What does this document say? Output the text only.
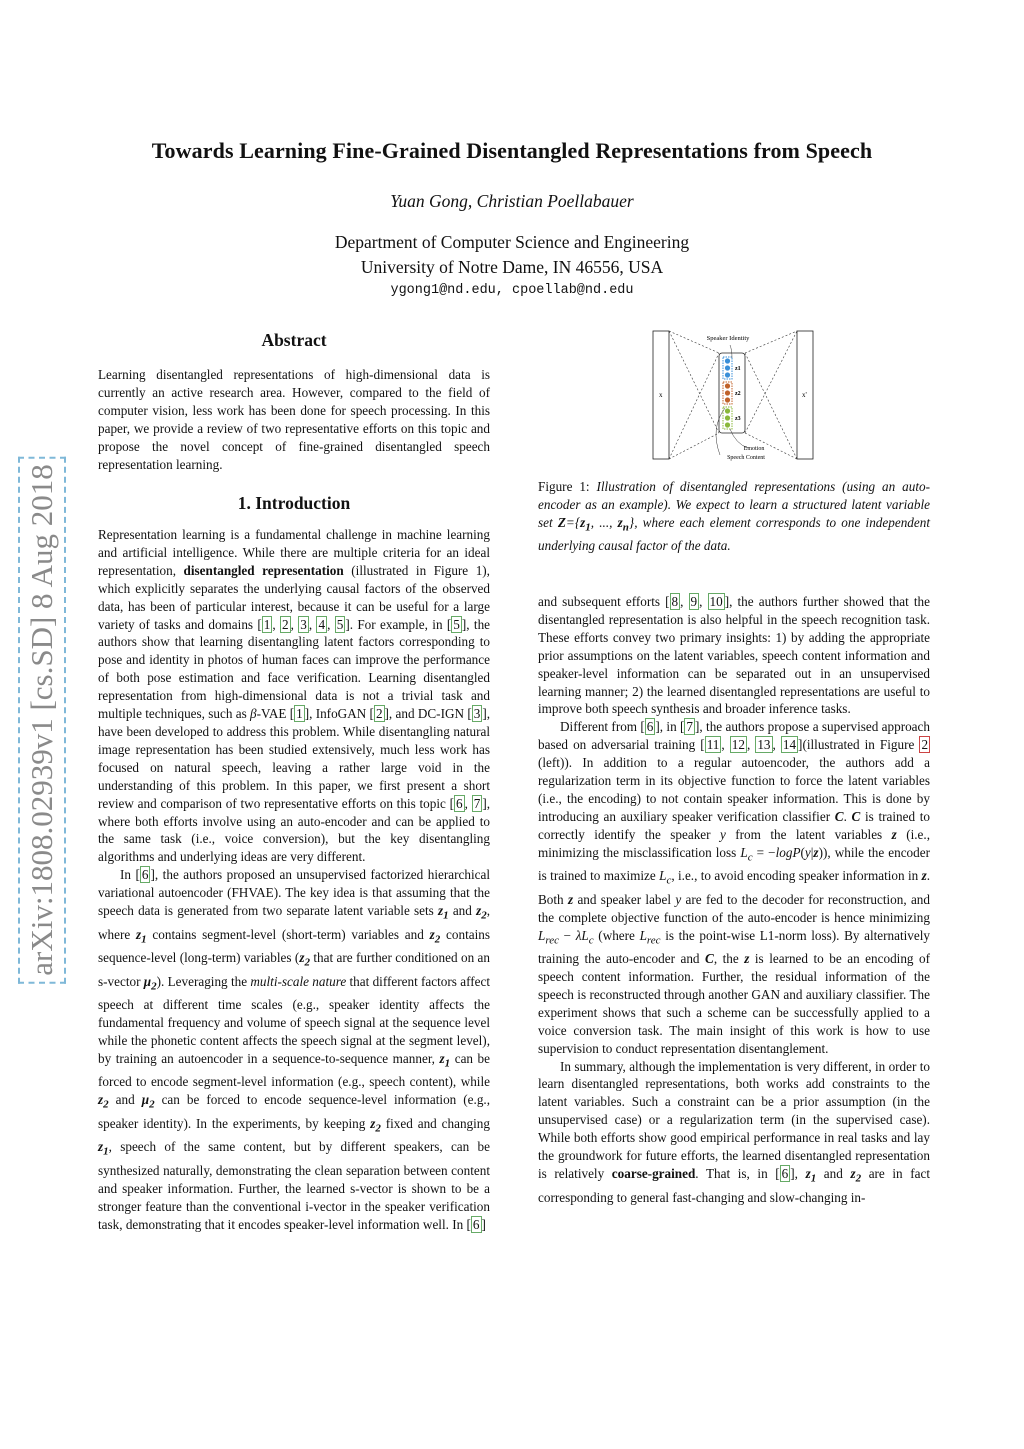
arXiv:1808.02939v1 [cs.SD] 8 Aug 2018
Towards Learning Fine-Grained Disentangled Representations from Speech
Yuan Gong, Christian Poellabauer
Department of Computer Science and Engineering
University of Notre Dame, IN 46556, USA
ygong1@nd.edu, cpoellab@nd.edu
Abstract

Learning disentangled representations of high-dimensional data is currently an active research area. However, compared to the field of computer vision, less work has been done for speech processing. In this paper, we provide a review of two representative efforts on this topic and propose the novel concept of fine-grained disentangled speech representation learning.

1. Introduction

Representation learning is a fundamental challenge in machine learning and artificial intelligence. While there are multiple criteria for an ideal representation, disentangled representation (illustrated in Figure 1), which explicitly separates the underlying causal factors of the observed data, has been of particular interest, because it can be useful for a large variety of tasks and domains [ 1 , 2 , 3 , 4 , 5 ]. For example, in [ 5 ], the authors show that learning disentangling latent factors corresponding to pose and identity in photos of human faces can improve the performance of both pose estimation and face verification. Learning disentangled representation from high-dimensional data is not a trivial task and multiple techniques, such as β-VAE [ 1 ], InfoGAN [ 2 ], and DC-IGN [ 3 ], have been developed to address this problem. While disentangling natural image representation has been studied extensively, much less work has focused on natural speech, leaving a rather large void in the understanding of this problem. In this paper, we first present a short review and comparison of two representative efforts on this topic [ 6 , 7 ], where both efforts involve using an auto-encoder and can be applied to the same task (i.e., voice conversion), but the key disentangling algorithms and underlying ideas are very different.

In [ 6 ], the authors proposed an unsupervised factorized hierarchical variational autoencoder (FHVAE). The key idea is that assuming that the speech data is generated from two separate latent variable sets $z_1$ and $z_2$, where $z_1$ contains segment-level (short-term) variables and $z_2$ contains sequence-level (long-term) variables ($z_2$ that are further conditioned on an s-vector $\mu_2$). Leveraging the multi-scale nature that different factors affect speech at different time scales (e.g., speaker identity affects the fundamental frequency and volume of speech signal at the sequence level while the phonetic content affects the speech signal at the segment level), by training an autoencoder in a sequence-to-sequence manner, $z_1$ can be forced to encode segment-level information (e.g., speech content), while $z_2$ and $\mu_2$ can be forced to encode sequence-level information (e.g., speaker identity). In the experiments, by keeping $z_2$ fixed and changing $z_1$, speech of the same content, but by different speakers, can be synthesized naturally, demonstrating the clean separation between content and speaker information. Further, the learned s-vector is shown to be a stronger feature than the conventional i-vector in the speaker verification task, demonstrating that it encodes speaker-level information well. In [ 6 ]

Speaker Identity
x	x'
z1
z2
z3
Emotion
Speech Content
Figure 1: Illustration of disentangled representations (using an auto-encoder as an example). We expect to learn a structured latent variable set $Z=\{z_1$, ..., $z_n$}, where each element corresponds to one independent underlying causal factor of the data.

and subsequent efforts [ 8 , 9 , 10 ], the authors further showed that the disentangled representation is also helpful in the speech recognition task. These efforts convey two primary insights: 1) by adding the appropriate prior assumptions on the latent variables, speech content information and speaker-level information can be separated out in an unsupervised learning manner; 2) the learned disentangled representations are useful to improve both speech synthesis and broader inference tasks.

Different from [ 6 ], in [ 7 ], the authors propose a supervised approach based on adversarial training [ 11 , 12 , 13 , 14 ](illustrated in Figure 2 (left)). In addition to a regular autoencoder, the authors add a regularization term in its objective function to force the latent variables (i.e., the encoding) to not contain speaker information. This is done by introducing an auxiliary speaker verification classifier C. C is trained to correctly identify the speaker y from the latent variables z (i.e., minimizing the misclassification loss $L_c = -\log P(y|z)$), while the encoder is trained to maximize $L_c$, i.e., to avoid encoding speaker information in z. Both z and speaker label y are fed to the decoder for reconstruction, and the complete objective function of the auto-encoder is hence minimizing $L_{rec} - \lambda L_c$ (where $L_{rec}$ is the point-wise L1-norm loss). By alternatively training the auto-encoder and C, the z is learned to be an encoding of speech content information. Further, the residual information of the speech is reconstructed through another GAN and auxiliary classifier. The experiment shows that such a scheme can be successfully applied to a voice conversion task. The main insight of this work is how to use supervision to conduct representation disentanglement.

In summary, although the implementation is very different, in order to learn disentangled representations, both works add constraints to the latent variables. Such a constraint can be a prior assumption (in the unsupervised case) or a regularization term (in the supervised case). While both efforts show good empirical performance in real tasks and lay the groundwork for future efforts, the learned disentangled representation is relatively coarse-grained. That is, in [ 6 ], $z_1$ and $z_2$ are in fact corresponding to general fast-changing and slow-changing in-
